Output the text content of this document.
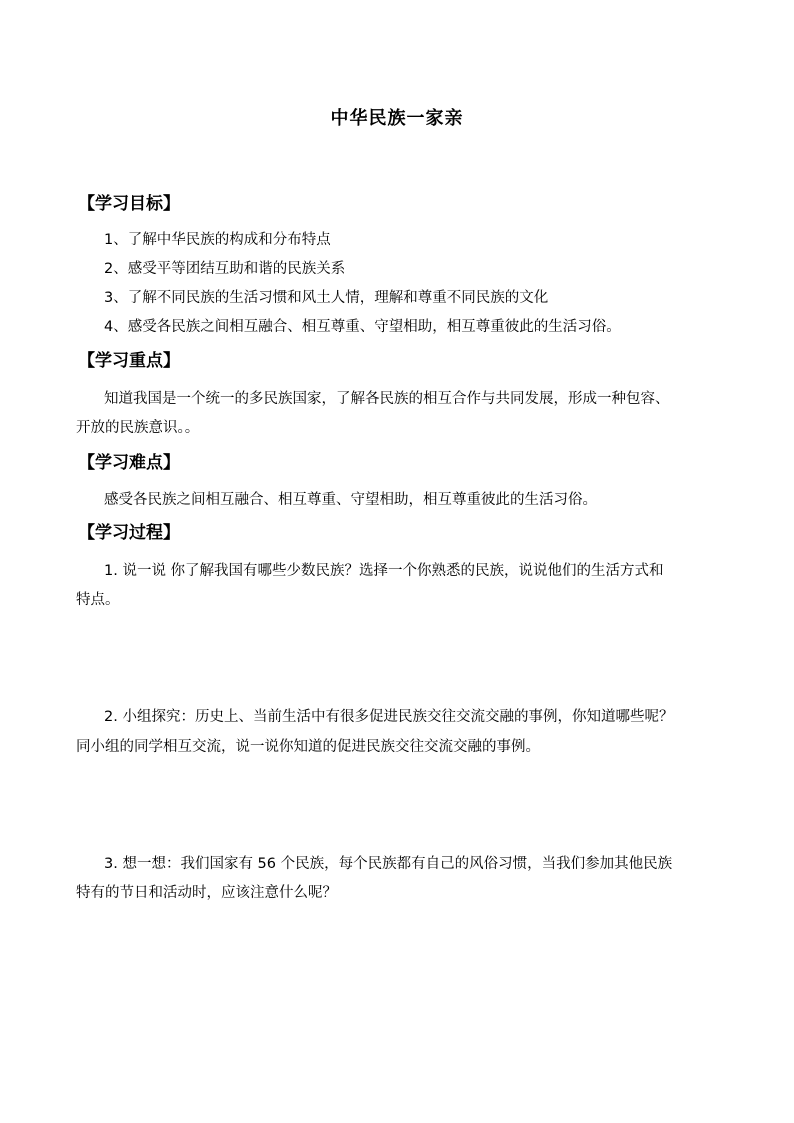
中华民族一家亲
【学习目标】
1、了解中华民族的构成和分布特点
2、感受平等团结互助和谐的民族关系
3、了解不同民族的生活习惯和风土人情，理解和尊重不同民族的文化
4、感受各民族之间相互融合、相互尊重、守望相助，相互尊重彼此的生活习俗。
【学习重点】
知道我国是一个统一的多民族国家，了解各民族的相互合作与共同发展，形成一种包容、
开放的民族意识。。
【学习难点】
感受各民族之间相互融合、相互尊重、守望相助，相互尊重彼此的生活习俗。
【学习过程】
1. 说一说 你了解我国有哪些少数民族？选择一个你熟悉的民族，说说他们的生活方式和
特点。
2. 小组探究：历史上、当前生活中有很多促进民族交往交流交融的事例，你知道哪些呢？
同小组的同学相互交流，说一说你知道的促进民族交往交流交融的事例。
3. 想一想：我们国家有 56 个民族，每个民族都有自己的风俗习惯，当我们参加其他民族
特有的节日和活动时，应该注意什么呢？
